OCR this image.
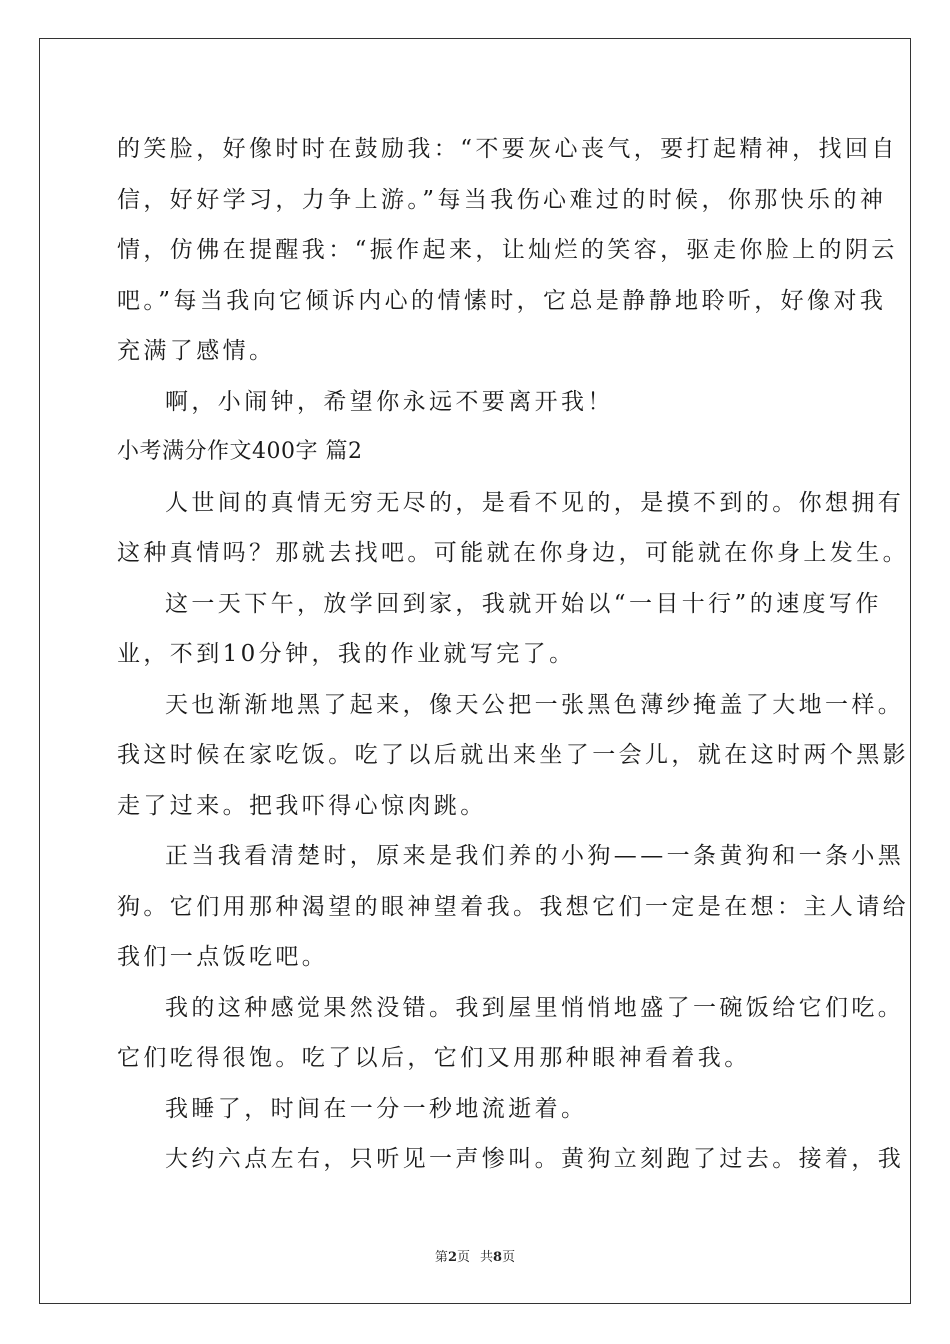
的笑脸，好像时时在鼓励我：“不要灰心丧气，要打起精神，找回自
信，好好学习，力争上游。”每当我伤心难过的时候，你那快乐的神
情，仿佛在提醒我：“振作起来，让灿烂的笑容，驱走你脸上的阴云
吧。”每当我向它倾诉内心的情愫时，它总是静静地聆听，好像对我
充满了感情。
啊，小闹钟，希望你永远不要离开我！
小考满分作文400字 篇2
人世间的真情无穷无尽的，是看不见的，是摸不到的。你想拥有
这种真情吗？那就去找吧。可能就在你身边，可能就在你身上发生。
这一天下午，放学回到家，我就开始以“一目十行”的速度写作
业，不到10分钟，我的作业就写完了。
天也渐渐地黑了起来，像天公把一张黑色薄纱掩盖了大地一样。
我这时候在家吃饭。吃了以后就出来坐了一会儿，就在这时两个黑影
走了过来。把我吓得心惊肉跳。
正当我看清楚时，原来是我们养的小狗——一条黄狗和一条小黑
狗。它们用那种渴望的眼神望着我。我想它们一定是在想：主人请给
我们一点饭吃吧。
我的这种感觉果然没错。我到屋里悄悄地盛了一碗饭给它们吃。
它们吃得很饱。吃了以后，它们又用那种眼神看着我。
我睡了，时间在一分一秒地流逝着。
大约六点左右，只听见一声惨叫。黄狗立刻跑了过去。接着，我
第2页 共8页
